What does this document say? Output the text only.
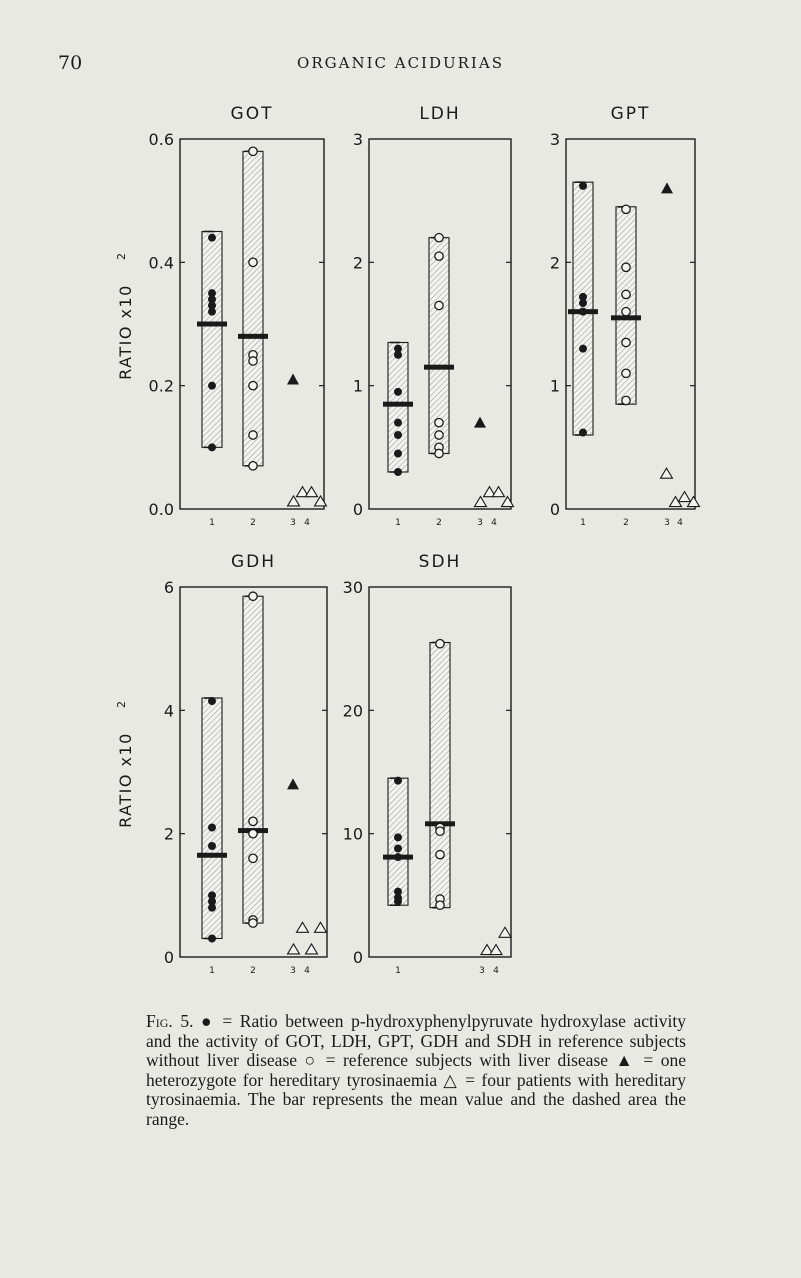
70	ORGANIC ACIDURIAS
GOT
0.0
0.2
0.4
0.6
RATIO x10
2
1	2	3 4
LDH
0
1
2
3
1	2	3 4
GPT
0
1
2
3
1	2	3 4
GDH
0
2
4
6
RATIO x10
2
1	2	3 4
SDH
0
10
20
30
1	3 4
Fig. 5. ● = Ratio between p-hydroxyphenylpyruvate hydroxylase activity and the activity of GOT, LDH, GPT, GDH and SDH in reference subjects without liver disease ○ = reference subjects with liver disease ▲ = one heterozygote for hereditary tyrosinaemia △ = four patients with hereditary tyrosinaemia. The bar represents the mean value and the dashed area the range.
